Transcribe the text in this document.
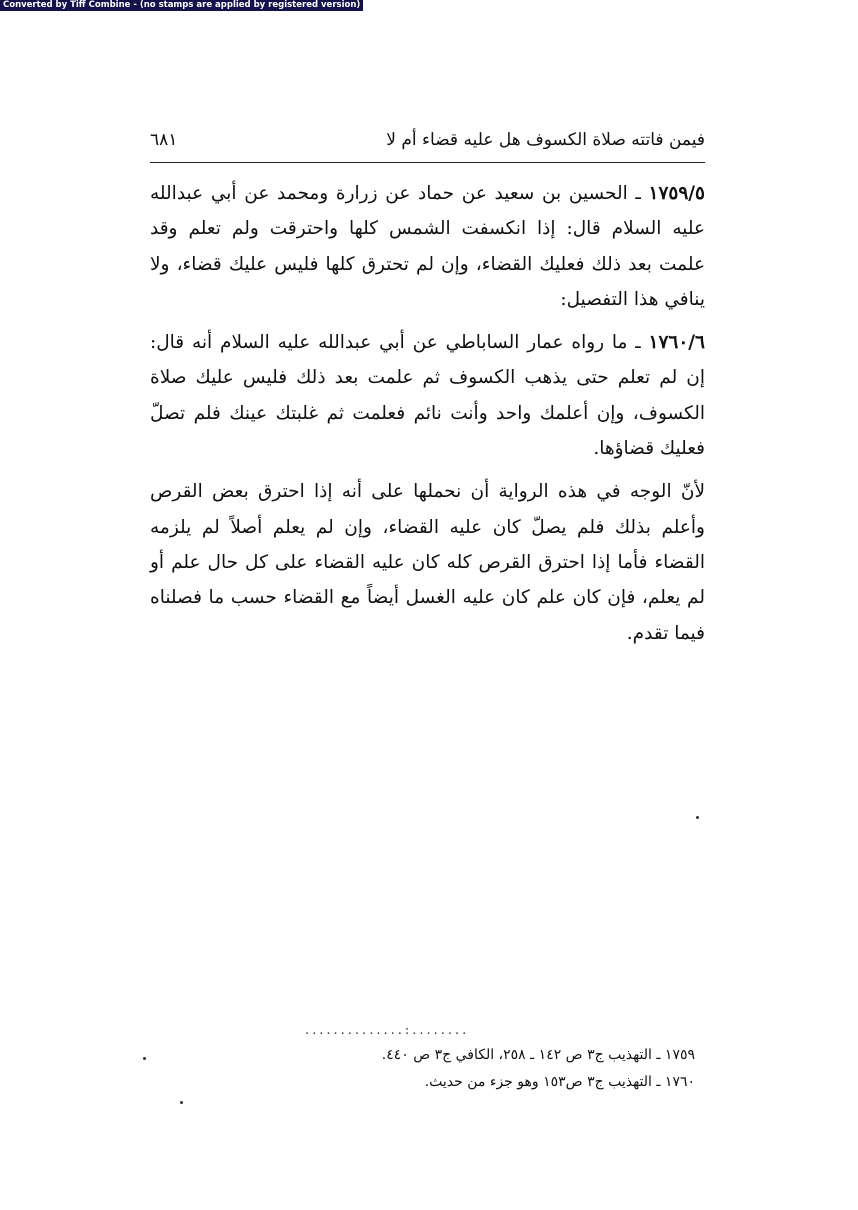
Converted by Tiff Combine - (no stamps are applied by registered version)
فيمن فاتته صلاة الكسوف هل عليه قضاء أم لا
٦٨١

١٧٥٩/٥ ـ الحسين بن سعيد عن حماد عن زرارة ومحمد عن أبي عبدالله عليه السلام قال: إذا انكسفت الشمس كلها واحترقت ولم تعلم وقد علمت بعد ذلك فعليك القضاء، وإن لم تحترق كلها فليس عليك قضاء، ولا ينافي هذا التفصيل:

١٧٦٠/٦ ـ ما رواه عمار الساباطي عن أبي عبدالله عليه السلام أنه قال: إن لم تعلم حتى يذهب الكسوف ثم علمت بعد ذلك فليس عليك صلاة الكسوف، وإن أعلمك واحد وأنت نائم فعلمت ثم غلبتك عينك فلم تصلّ فعليك قضاؤها.

لأنّ الوجه في هذه الرواية أن نحملها على أنه إذا احترق بعض القرص وأعلم بذلك فلم يصلّ كان عليه القضاء، وإن لم يعلم أصلاً لم يلزمه القضاء فأما إذا احترق القرص كله كان عليه القضاء على كل حال علم أو لم يعلم، فإن كان علم كان عليه الغسل أيضاً مع القضاء حسب ما فصلناه فيما تقدم.

..............:........
١٧٥٩ ـ التهذيب ج٣ ص ١٤٢ ـ ٢٥٨، الكافي ج٣ ص ٤٤٠.
١٧٦٠ ـ التهذيب ج٣ ص١٥٣ وهو جزء من حديث.
